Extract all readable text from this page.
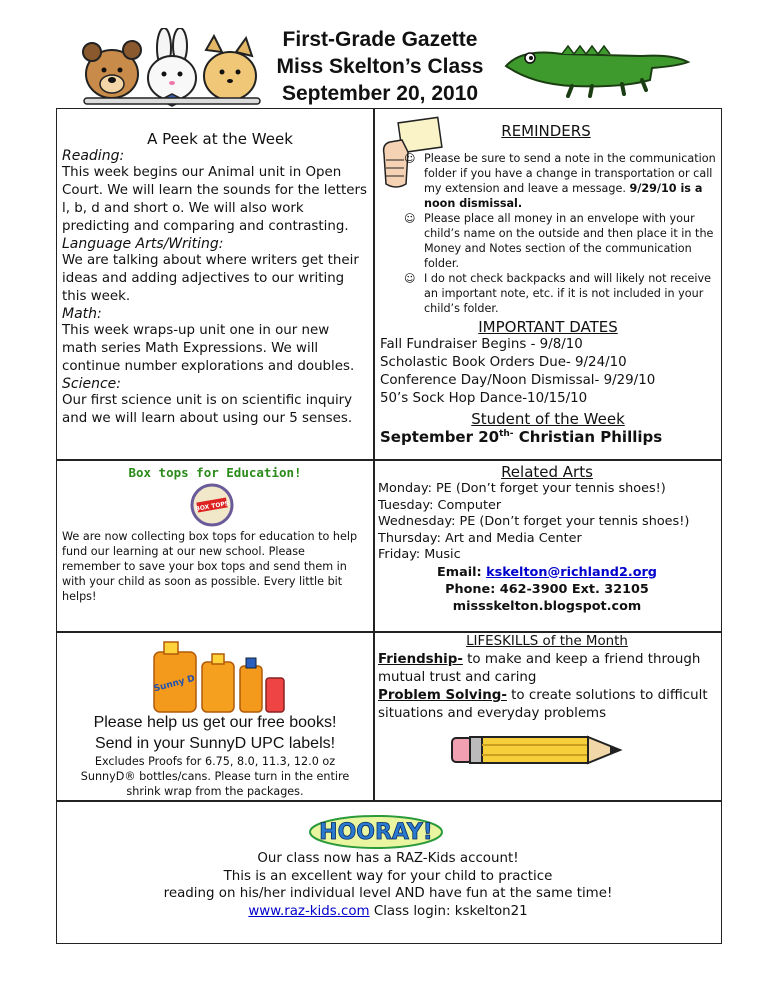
First-Grade Gazette
Miss Skelton’s Class
September 20, 2010
A Peek at the Week
Reading:
This week begins our Animal unit in Open Court. We will learn the sounds for the letters l, b, d and short o. We will also work predicting and comparing and contrasting.
Language Arts/Writing:
We are talking about where writers get their ideas and adding adjectives to our writing this week.
Math:
This week wraps-up unit one in our new math series Math Expressions. We will continue number explorations and doubles.
Science:
Our first science unit is on scientific inquiry and we will learn about using our 5 senses.
REMINDERS
☺ Please be sure to send a note in the communication folder if you have a change in transportation or call my extension and leave a message. 9/29/10 is a noon dismissal.
☺ Please place all money in an envelope with your child’s name on the outside and then place it in the Money and Notes section of the communication folder.
☺ I do not check backpacks and will likely not receive an important note, etc. if it is not included in your child’s folder.
IMPORTANT DATES
Fall Fundraiser Begins - 9/8/10
Scholastic Book Orders Due- 9/24/10
Conference Day/Noon Dismissal- 9/29/10
50’s Sock Hop Dance-10/15/10
Student of the Week
September $20^{th-}$ Christian Phillips
Box tops for Education!
BOX TOPS
We are now collecting box tops for education to help fund our learning at our new school. Please remember to save your box tops and send them in with your child as soon as possible. Every little bit helps!
Related Arts
Monday: PE (Don’t forget your tennis shoes!)
Tuesday: Computer
Wednesday: PE (Don’t forget your tennis shoes!)
Thursday: Art and Media Center
Friday: Music
Email: kskelton@richland2.org
Phone: 462-3900 Ext. 32105
missskelton.blogspot.com
Sunny D
Please help us get our free books!
Send in your SunnyD UPC labels!
Excludes Proofs for 6.75, 8.0, 11.3, 12.0 oz SunnyD® bottles/cans. Please turn in the entire shrink wrap from the packages.
LIFESKILLS of the Month
Friendship- to make and keep a friend through mutual trust and caring
Problem Solving- to create solutions to difficult situations and everyday problems
HOORAY!
Our class now has a RAZ-Kids account!
This is an excellent way for your child to practice
reading on his/her individual level AND have fun at the same time!
www.raz-kids.com Class login: kskelton21
